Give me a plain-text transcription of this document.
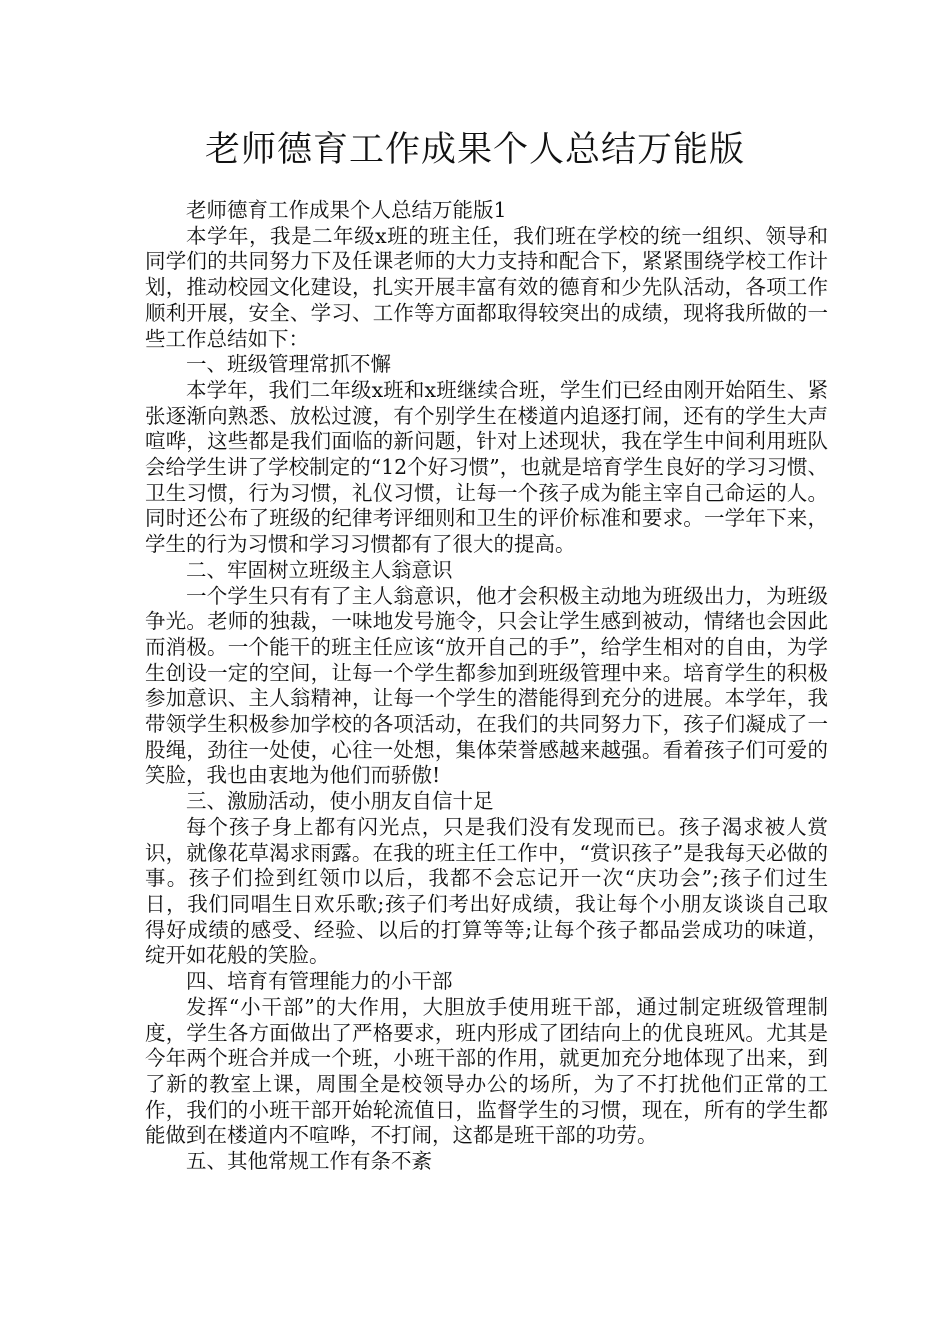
老师德育工作成果个人总结万能版

老师德育工作成果个人总结万能版1

本学年，我是二年级x班的班主任，我们班在学校的统一组织、领导和同学们的共同努力下及任课老师的大力支持和配合下，紧紧围绕学校工作计划，推动校园文化建设，扎实开展丰富有效的德育和少先队活动，各项工作顺利开展，安全、学习、工作等方面都取得较突出的成绩，现将我所做的一些工作总结如下：

一、班级管理常抓不懈

本学年，我们二年级x班和x班继续合班，学生们已经由刚开始陌生、紧张逐渐向熟悉、放松过渡，有个别学生在楼道内追逐打闹，还有的学生大声喧哗，这些都是我们面临的新问题，针对上述现状，我在学生中间利用班队会给学生讲了学校制定的“12个好习惯”，也就是培育学生良好的学习习惯、卫生习惯，行为习惯，礼仪习惯，让每一个孩子成为能主宰自己命运的人。同时还公布了班级的纪律考评细则和卫生的评价标准和要求。一学年下来，学生的行为习惯和学习习惯都有了很大的提高。

二、牢固树立班级主人翁意识

一个学生只有有了主人翁意识，他才会积极主动地为班级出力，为班级争光。老师的独裁，一味地发号施令，只会让学生感到被动，情绪也会因此而消极。一个能干的班主任应该“放开自己的手”，给学生相对的自由，为学生创设一定的空间，让每一个学生都参加到班级管理中来。培育学生的积极参加意识、主人翁精神，让每一个学生的潜能得到充分的进展。本学年，我带领学生积极参加学校的各项活动，在我们的共同努力下，孩子们凝成了一股绳，劲往一处使，心往一处想，集体荣誉感越来越强。看着孩子们可爱的笑脸，我也由衷地为他们而骄傲!

三、激励活动，使小朋友自信十足

每个孩子身上都有闪光点，只是我们没有发现而已。孩子渴求被人赏识，就像花草渴求雨露。在我的班主任工作中，“赏识孩子”是我每天必做的事。孩子们捡到红领巾以后，我都不会忘记开一次“庆功会”;孩子们过生日，我们同唱生日欢乐歌;孩子们考出好成绩，我让每个小朋友谈谈自己取得好成绩的感受、经验、以后的打算等等;让每个孩子都品尝成功的味道，绽开如花般的笑脸。

四、培育有管理能力的小干部

发挥“小干部”的大作用，大胆放手使用班干部，通过制定班级管理制度，学生各方面做出了严格要求，班内形成了团结向上的优良班风。尤其是今年两个班合并成一个班，小班干部的作用，就更加充分地体现了出来，到了新的教室上课，周围全是校领导办公的场所，为了不打扰他们正常的工作，我们的小班干部开始轮流值日，监督学生的习惯，现在，所有的学生都能做到在楼道内不喧哗，不打闹，这都是班干部的功劳。

五、其他常规工作有条不紊
